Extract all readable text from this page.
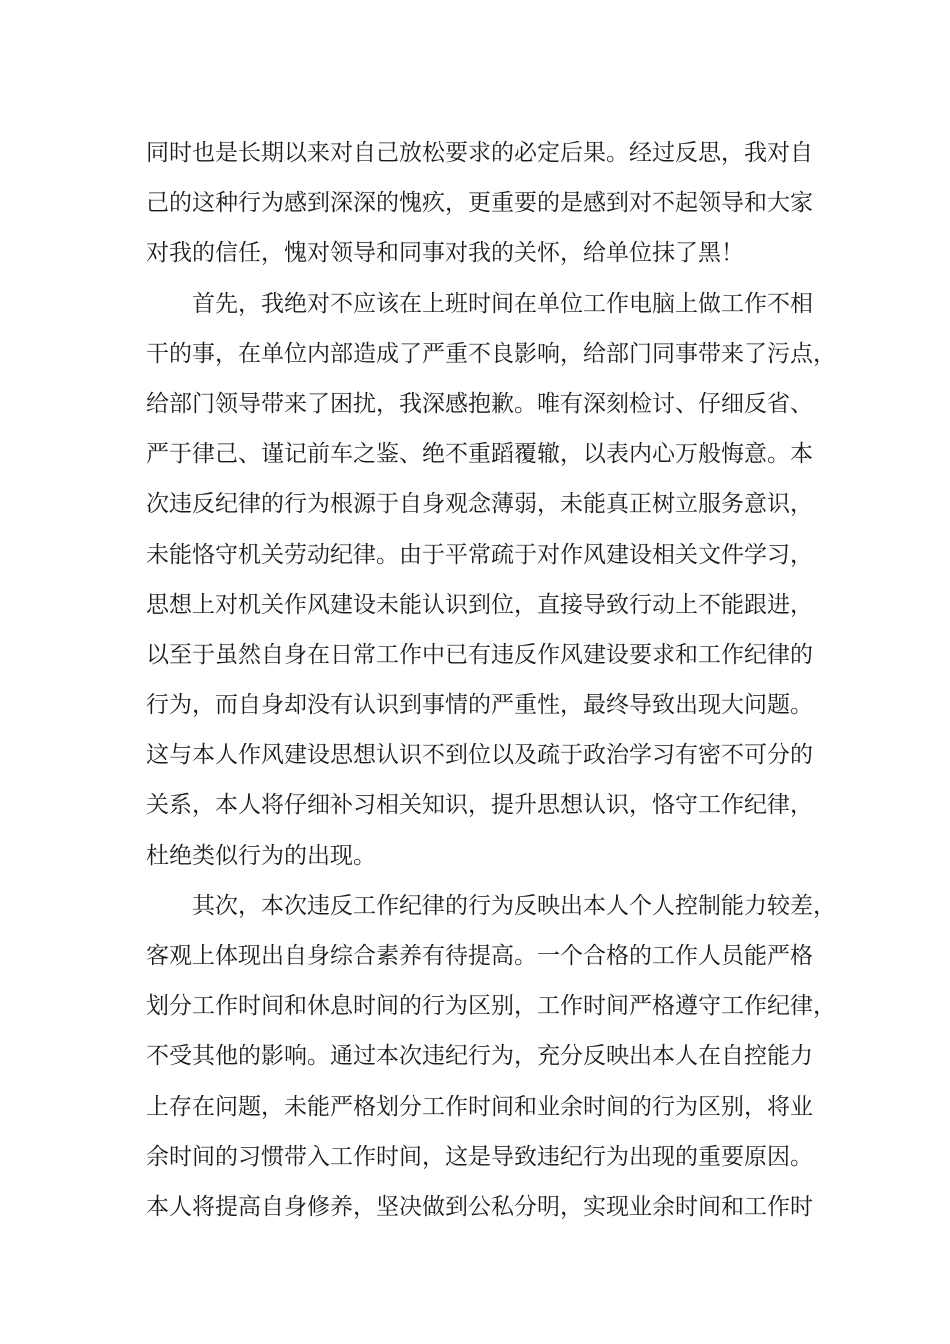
同时也是长期以来对自己放松要求的必定后果。经过反思，我对自
己的这种行为感到深深的愧疚，更重要的是感到对不起领导和大家
对我的信任，愧对领导和同事对我的关怀，给单位抹了黑！
首先，我绝对不应该在上班时间在单位工作电脑上做工作不相
干的事，在单位内部造成了严重不良影响，给部门同事带来了污点，
给部门领导带来了困扰，我深感抱歉。唯有深刻检讨、仔细反省、
严于律己、谨记前车之鉴、绝不重蹈覆辙，以表内心万般悔意。本
次违反纪律的行为根源于自身观念薄弱，未能真正树立服务意识，
未能恪守机关劳动纪律。由于平常疏于对作风建设相关文件学习，
思想上对机关作风建设未能认识到位，直接导致行动上不能跟进，
以至于虽然自身在日常工作中已有违反作风建设要求和工作纪律的
行为，而自身却没有认识到事情的严重性，最终导致出现大问题。
这与本人作风建设思想认识不到位以及疏于政治学习有密不可分的
关系，本人将仔细补习相关知识，提升思想认识，恪守工作纪律，
杜绝类似行为的出现。
其次，本次违反工作纪律的行为反映出本人个人控制能力较差，
客观上体现出自身综合素养有待提高。一个合格的工作人员能严格
划分工作时间和休息时间的行为区别，工作时间严格遵守工作纪律，
不受其他的影响。通过本次违纪行为，充分反映出本人在自控能力
上存在问题，未能严格划分工作时间和业余时间的行为区别，将业
余时间的习惯带入工作时间，这是导致违纪行为出现的重要原因。
本人将提高自身修养，坚决做到公私分明，实现业余时间和工作时
